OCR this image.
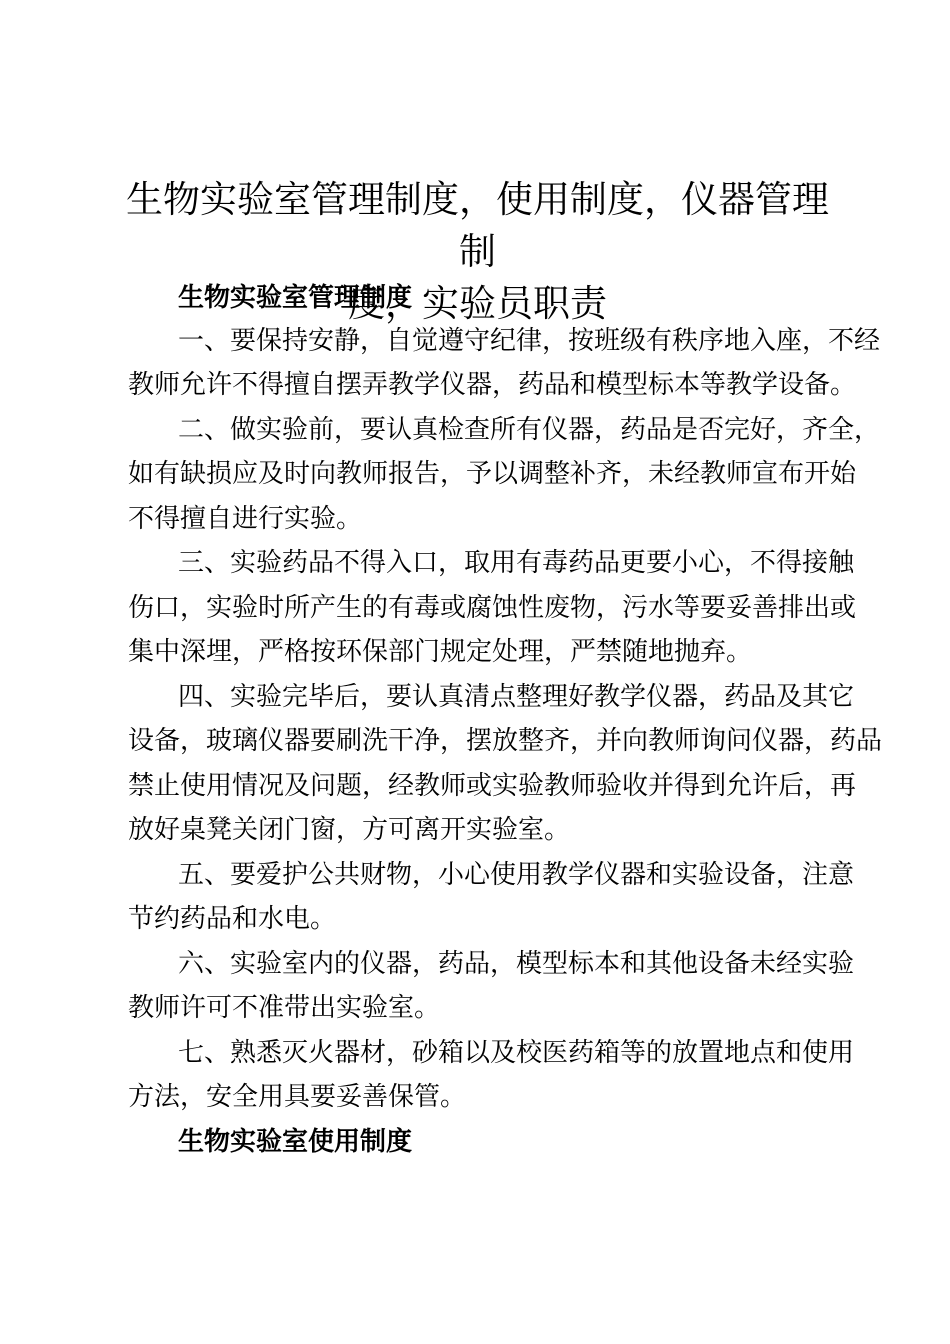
生物实验室管理制度，使用制度，仪器管理制
度，实验员职责
生物实验室管理制度

一、要保持安静，自觉遵守纪律，按班级有秩序地入座，不经

教师允许不得擅自摆弄教学仪器，药品和模型标本等教学设备。

二、做实验前，要认真检查所有仪器，药品是否完好，齐全，

如有缺损应及时向教师报告，予以调整补齐，未经教师宣布开始

不得擅自进行实验。

三、实验药品不得入口，取用有毒药品更要小心，不得接触

伤口，实验时所产生的有毒或腐蚀性废物，污水等要妥善排出或

集中深埋，严格按环保部门规定处理，严禁随地抛弃。

四、实验完毕后，要认真清点整理好教学仪器，药品及其它

设备，玻璃仪器要刷洗干净，摆放整齐，并向教师询问仪器，药品

禁止使用情况及问题，经教师或实验教师验收并得到允许后，再

放好桌凳关闭门窗，方可离开实验室。

五、要爱护公共财物，小心使用教学仪器和实验设备，注意

节约药品和水电。

六、实验室内的仪器，药品，模型标本和其他设备未经实验

教师许可不准带出实验室。

七、熟悉灭火器材，砂箱以及校医药箱等的放置地点和使用

方法，安全用具要妥善保管。

生物实验室使用制度
